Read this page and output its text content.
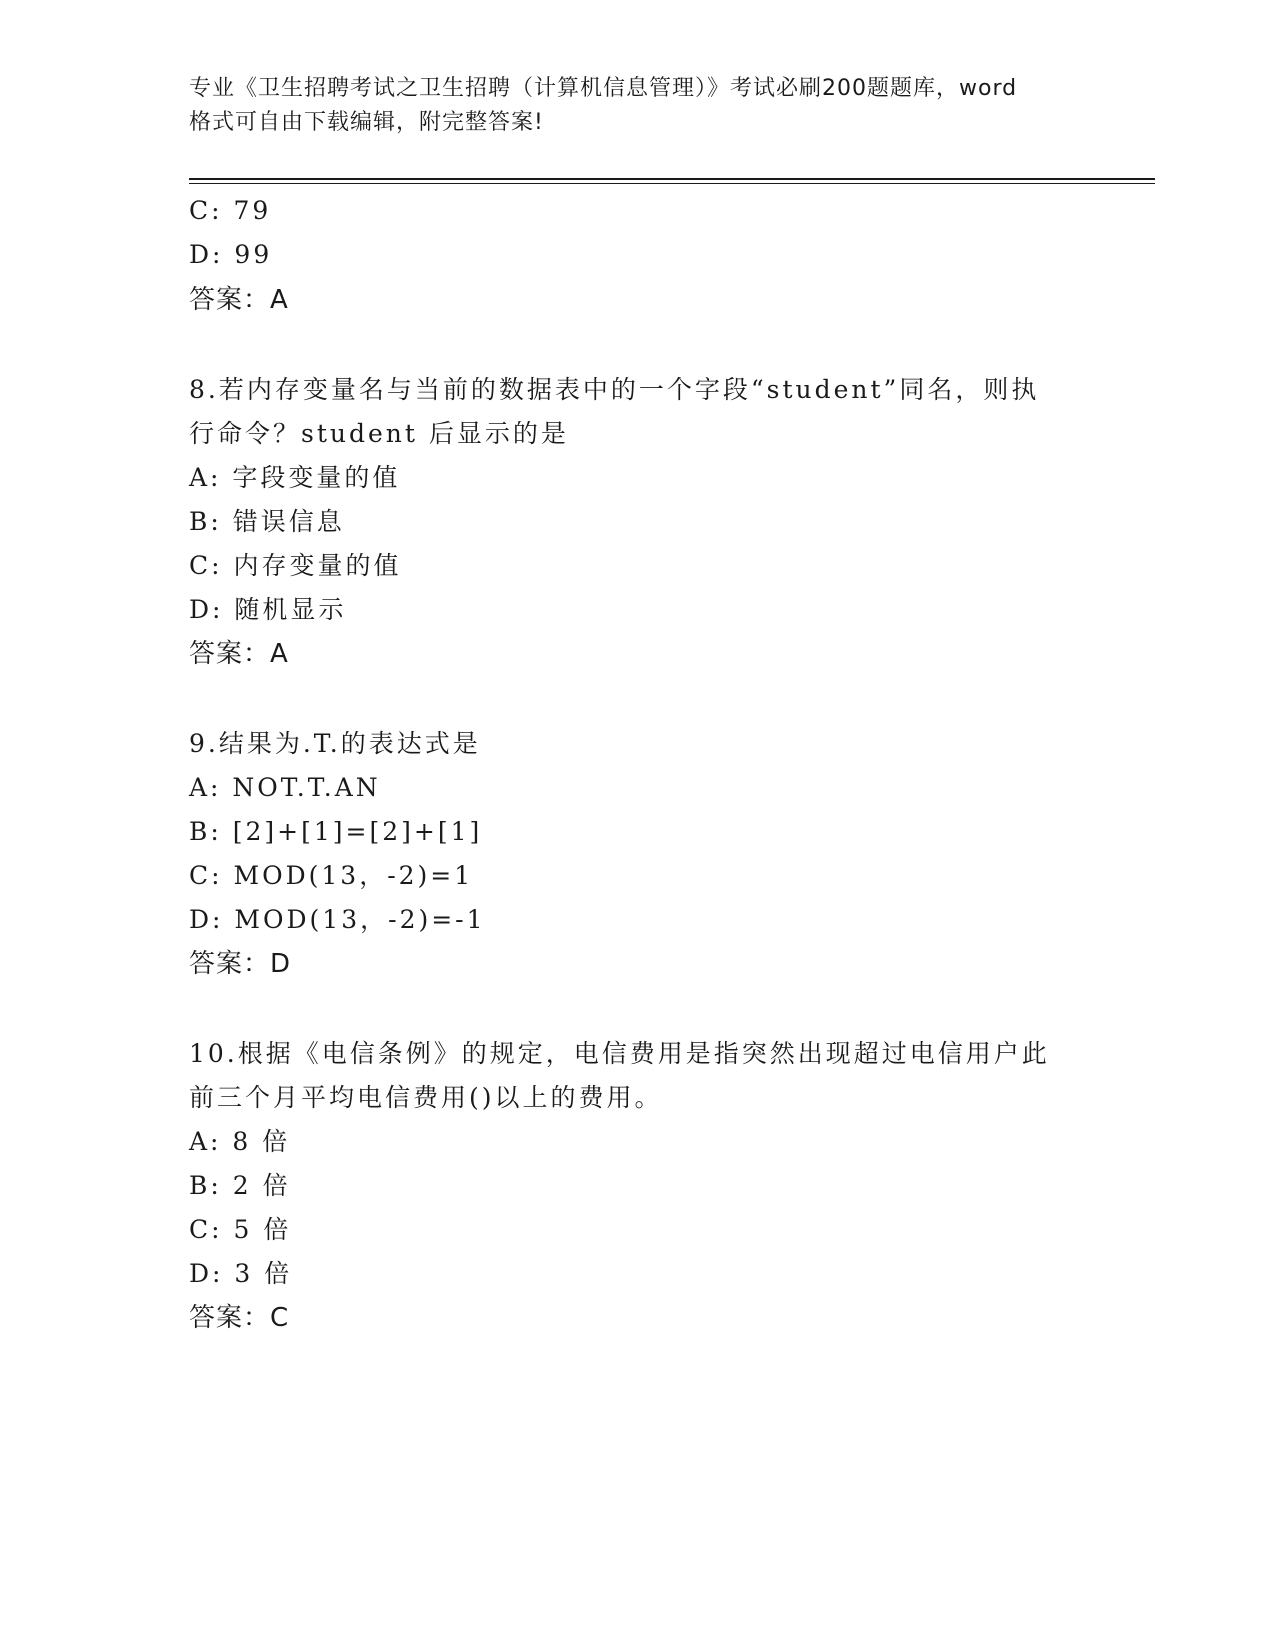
专业《卫生招聘考试之卫生招聘（计算机信息管理）》考试必刷200题题库，word
格式可自由下载编辑，附完整答案!
C: 79
D: 99
答案：A
8.若内存变量名与当前的数据表中的一个字段“student”同名，则执
行命令？student 后显示的是
A: 字段变量的值
B: 错误信息
C: 内存变量的值
D: 随机显示
答案：A
9.结果为.T.的表达式是
A: NOT.T.AN
B: [2]+[1]=[2]+[1]
C: MOD(13，-2)=1
D: MOD(13，-2)=-1
答案：D
10.根据《电信条例》的规定，电信费用是指突然出现超过电信用户此
前三个月平均电信费用()以上的费用。
A: 8 倍
B: 2 倍
C: 5 倍
D: 3 倍
答案：C
